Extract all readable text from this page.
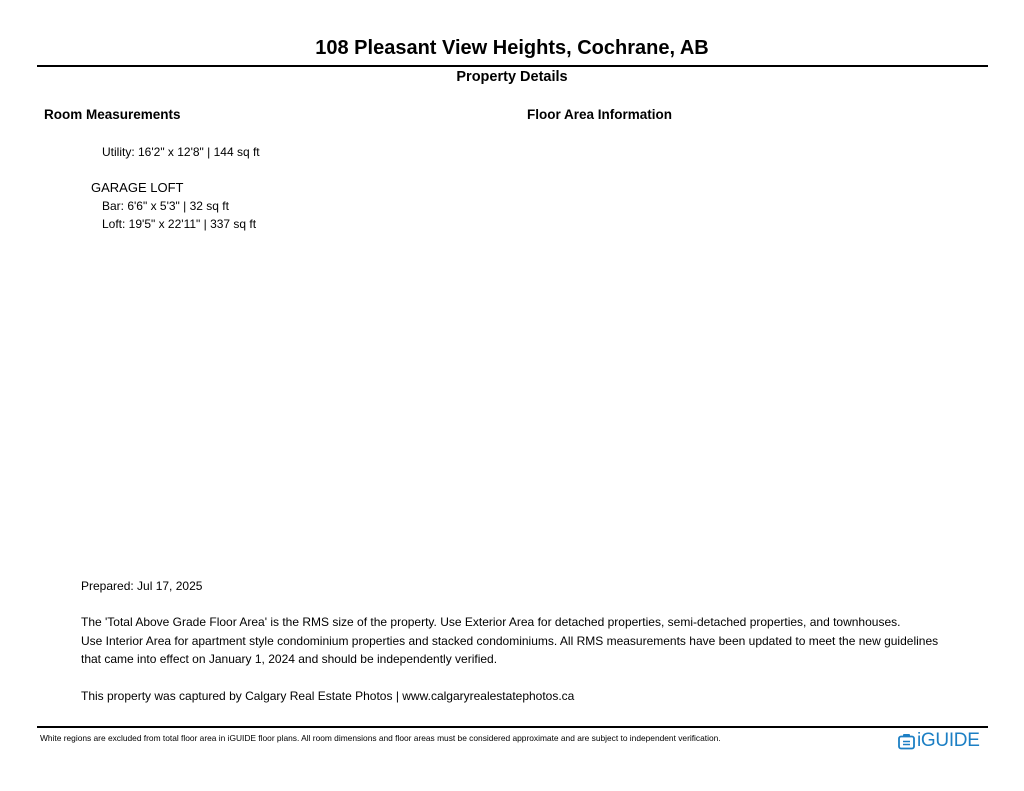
108 Pleasant View Heights, Cochrane, AB
Property Details
Room Measurements	Floor Area Information
Utility: 16'2" x 12'8" | 144 sq ft
GARAGE LOFT
Bar: 6'6" x 5'3" | 32 sq ft
Loft: 19'5" x 22'11" | 337 sq ft
Prepared: Jul 17, 2025
The 'Total Above Grade Floor Area' is the RMS size of the property. Use Exterior Area for detached properties, semi-detached properties, and townhouses.
Use Interior Area for apartment style condominium properties and stacked condominiums. All RMS measurements have been updated to meet the new guidelines
that came into effect on January 1, 2024 and should be independently verified.
This property was captured by Calgary Real Estate Photos | www.calgaryrealestatephotos.ca
White regions are excluded from total floor area in iGUIDE floor plans. All room dimensions and floor areas must be considered approximate and are subject to independent verification.	iGUIDE
